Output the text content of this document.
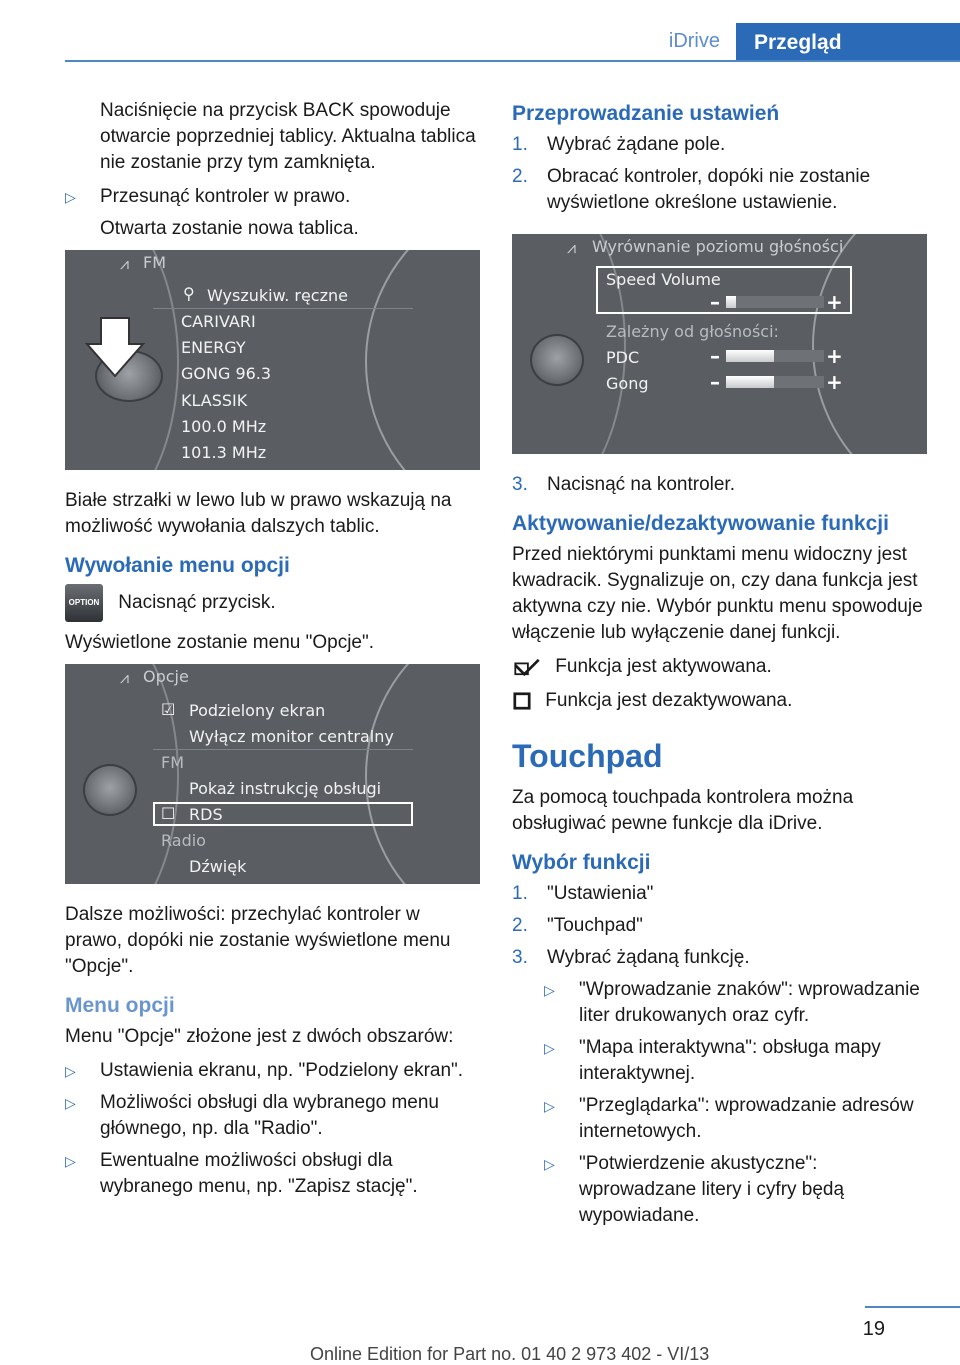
iDrive	Przegląd

Naciśnięcie na przycisk BACK spowoduje otwarcie poprzedniej tablicy. Aktualna tablica nie zostanie przy tym zamknięta.

▷ Przesunąć kontroler w prawo.

Otwarta zostanie nowa tablica.

⩘ FM
⚲ Wyszukiw. ręczne
CARIVARI
ENERGY
GONG 96.3
KLASSIK
100.0 MHz
101.3 MHz

Białe strzałki w lewo lub w prawo wskazują na możliwość wywołania dalszych tablic.

Wywołanie menu opcji

OPTION Nacisnąć przycisk.

Wyświetlone zostanie menu "Opcje".

⩘ Opcje
☑ Podzielony ekran
Wyłącz monitor centralny
FM
Pokaż instrukcję obsługi
☐ RDS
Radio
Dźwięk

Dalsze możliwości: przechylać kontroler w prawo, dopóki nie zostanie wyświetlone menu "Opcje".

Menu opcji

Menu "Opcje" złożone jest z dwóch obszarów:

▷ Ustawienia ekranu, np. "Podzielony ekran".
▷ Możliwości obsługi dla wybranego menu głównego, np. dla "Radio".
▷ Ewentualne możliwości obsługi dla wybranego menu, np. "Zapisz stację".
Przeprowadzanie ustawień
1. Wybrać żądane pole.
2. Obracać kontroler, dopóki nie zostanie wyświetlone określone ustawienie.
⩘ Wyrównanie poziomu głośności
Speed Volume
–	+
Zależny od głośności:
PDC	–	+
Gong	–	+
3. Nacisnąć na kontroler.
Aktywowanie/dezaktywowanie funkcji

Przed niektórymi punktami menu widoczny jest kwadracik. Sygnalizuje on, czy dana funkcja jest aktywna czy nie. Wybór punktu menu spowoduje włączenie lub wyłączenie danej funkcji.

Funkcja jest aktywowana.

Funkcja jest dezaktywowana.

Touchpad

Za pomocą touchpada kontrolera można obsługiwać pewne funkcje dla iDrive.

Wybór funkcji
1. "Ustawienia"
2. "Touchpad"
3. Wybrać żądaną funkcję.
▷ "Wprowadzanie znaków": wprowadzanie liter drukowanych oraz cyfr.
▷ "Mapa interaktywna": obsługa mapy interaktywnej.
▷ "Przeglądarka": wprowadzanie adresów internetowych.
▷ "Potwierdzenie akustyczne": wprowadzane litery i cyfry będą wypowiadane.
19
Online Edition for Part no. 01 40 2 973 402 - VI/13
